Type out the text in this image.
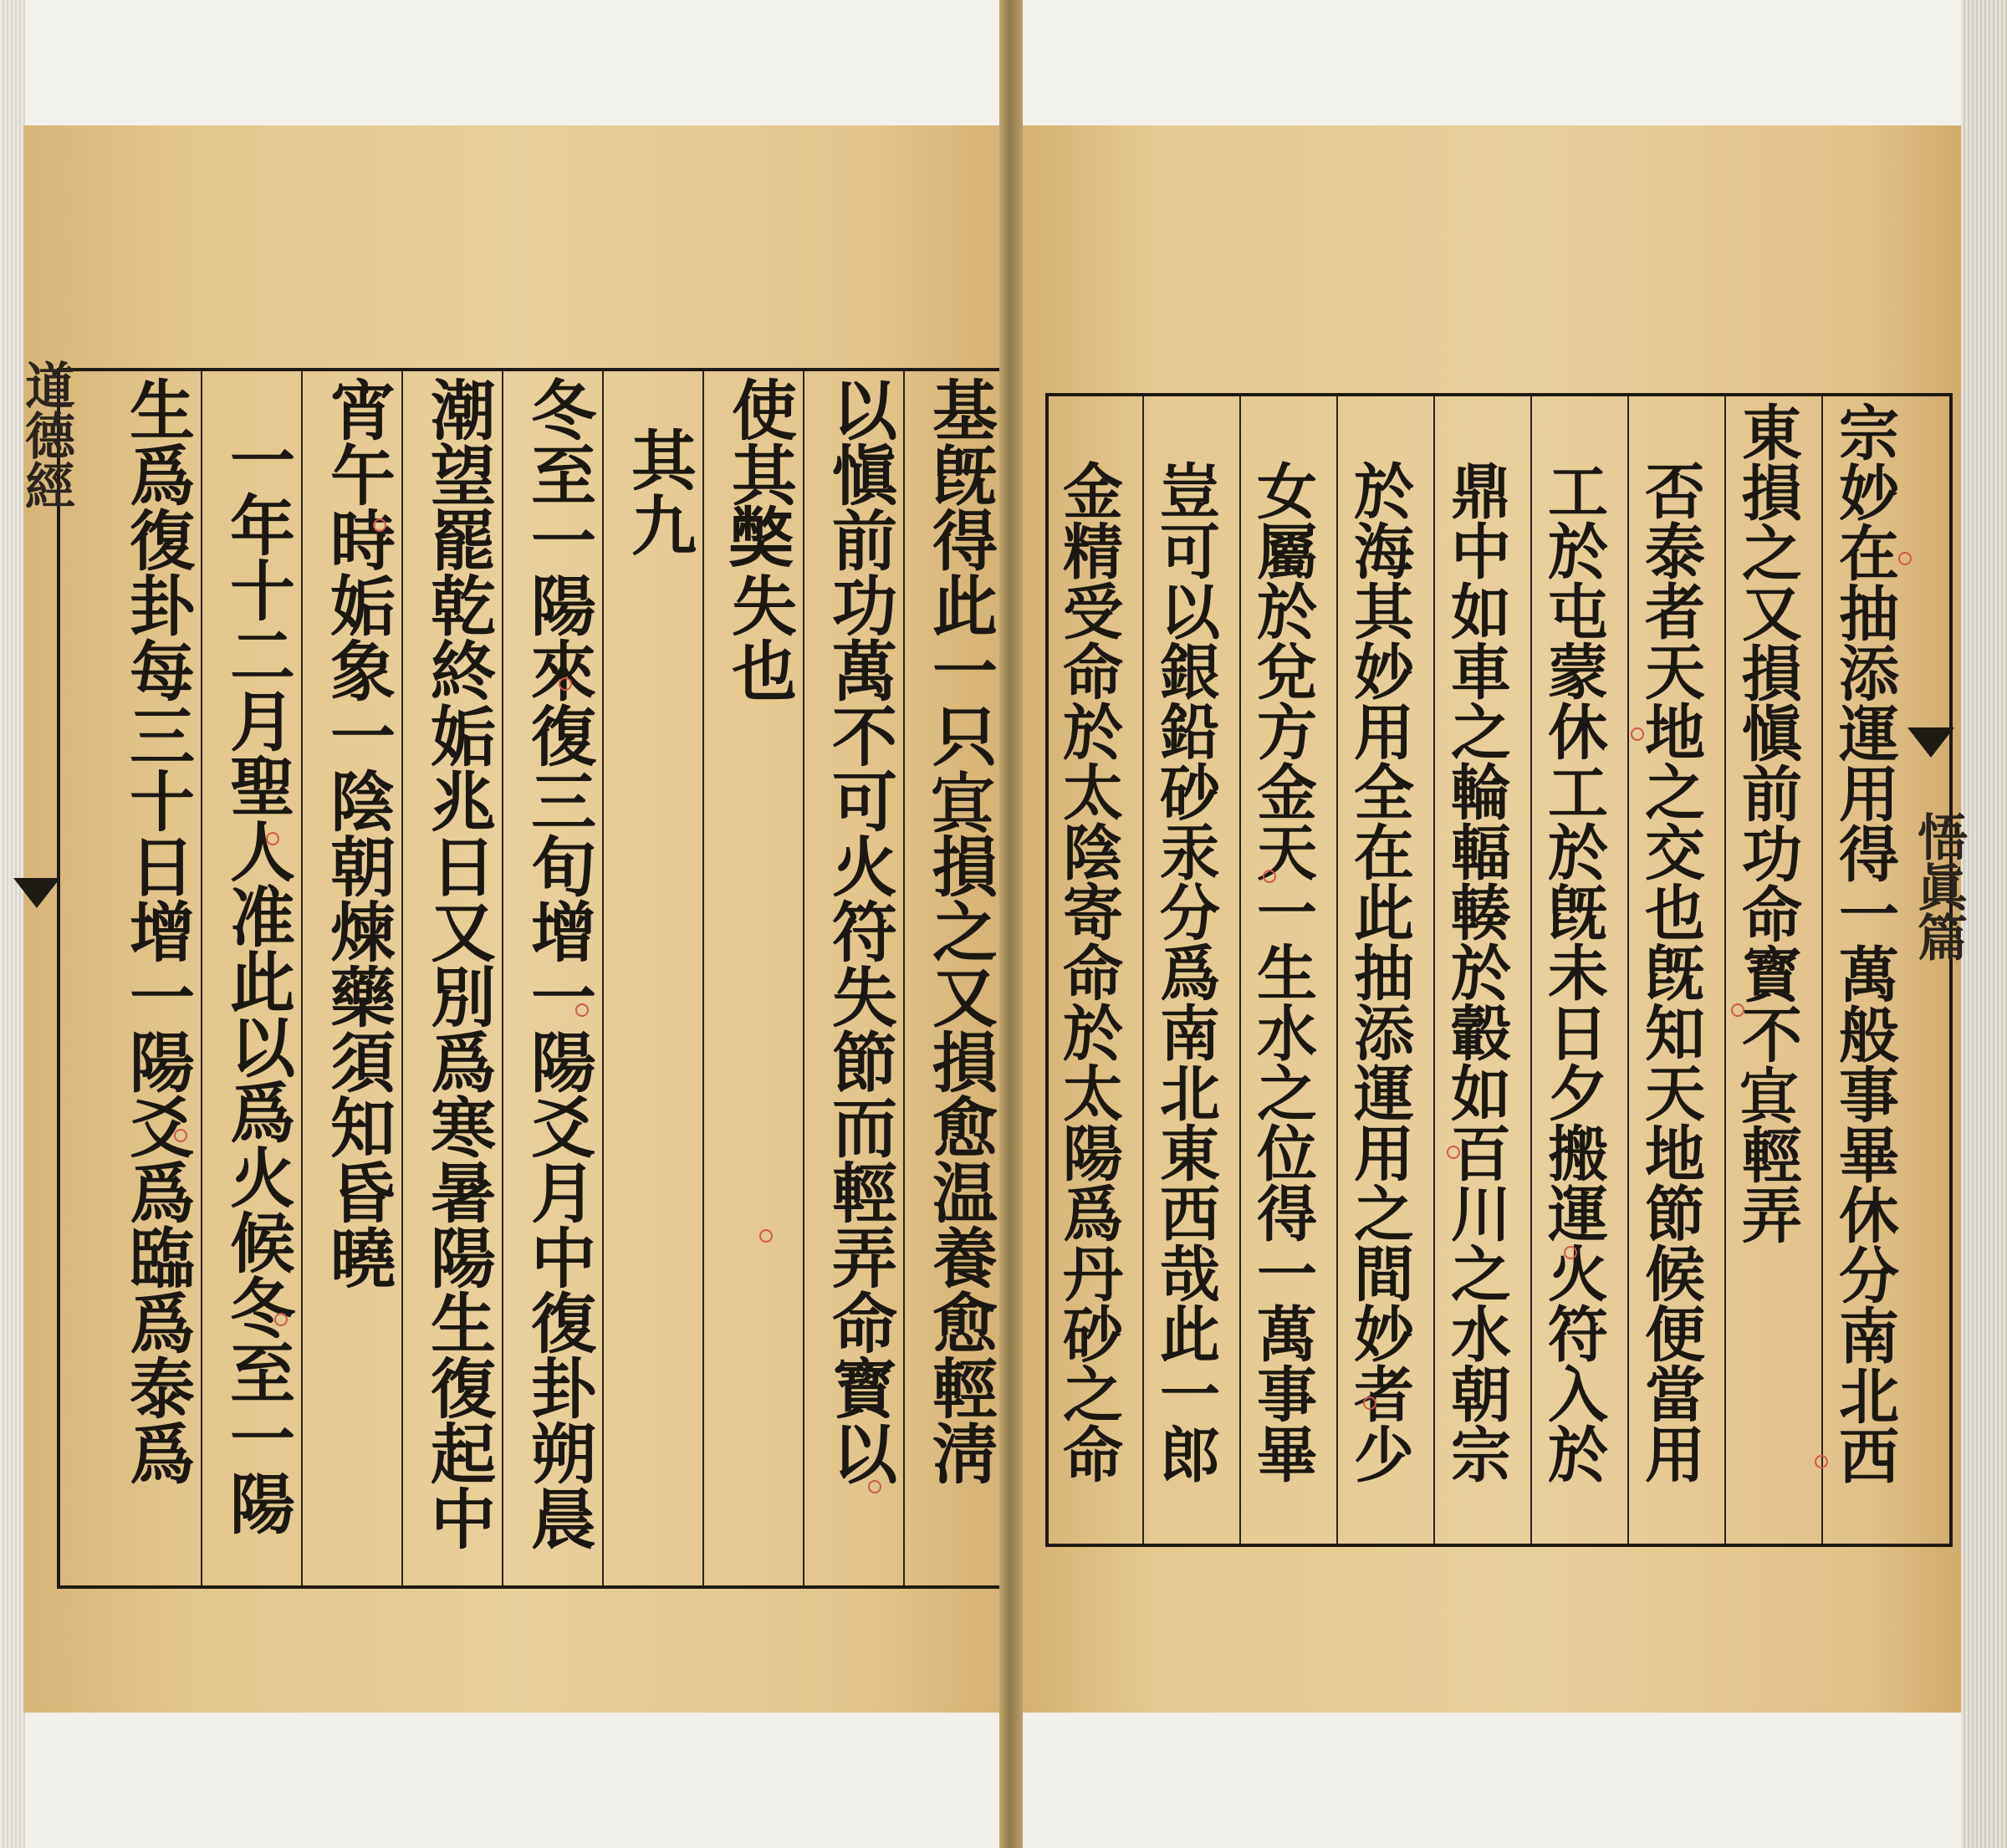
道德經	基旣得此一只𡨋損之又損愈温養愈輕淸
以愼前功萬不可火符失節而輕弄命寳以
使其𡚁失也
其九
冬至一陽來復三旬增一陽爻月中復卦朔晨
潮望罷乾終姤兆日又別爲寒暑陽生復起中
宵午時姤象一陰朝煉藥須知昏曉
一年十二月聖人准此以爲火候冬至一陽
生爲復卦每三十日增一陽爻爲臨爲泰爲	悟眞篇
宗妙在抽添運用得一萬般事畢休分南北西
東損之又損愼前功命寳不𡨋輕弄
否泰者天地之交也旣知天地節候便當用
工於屯蒙休工於旣未日夕搬運火符入於
鼎中如車之輪輻輳於轂如百川之水朝宗
於海其妙用全在此抽添運用之間妙者少
女屬於兌方金天一生水之位得一萬事畢
豈可以銀鉛砂汞分爲南北東西哉此一郎
金精受命於太陰寄命於太陽爲丹砂之命
